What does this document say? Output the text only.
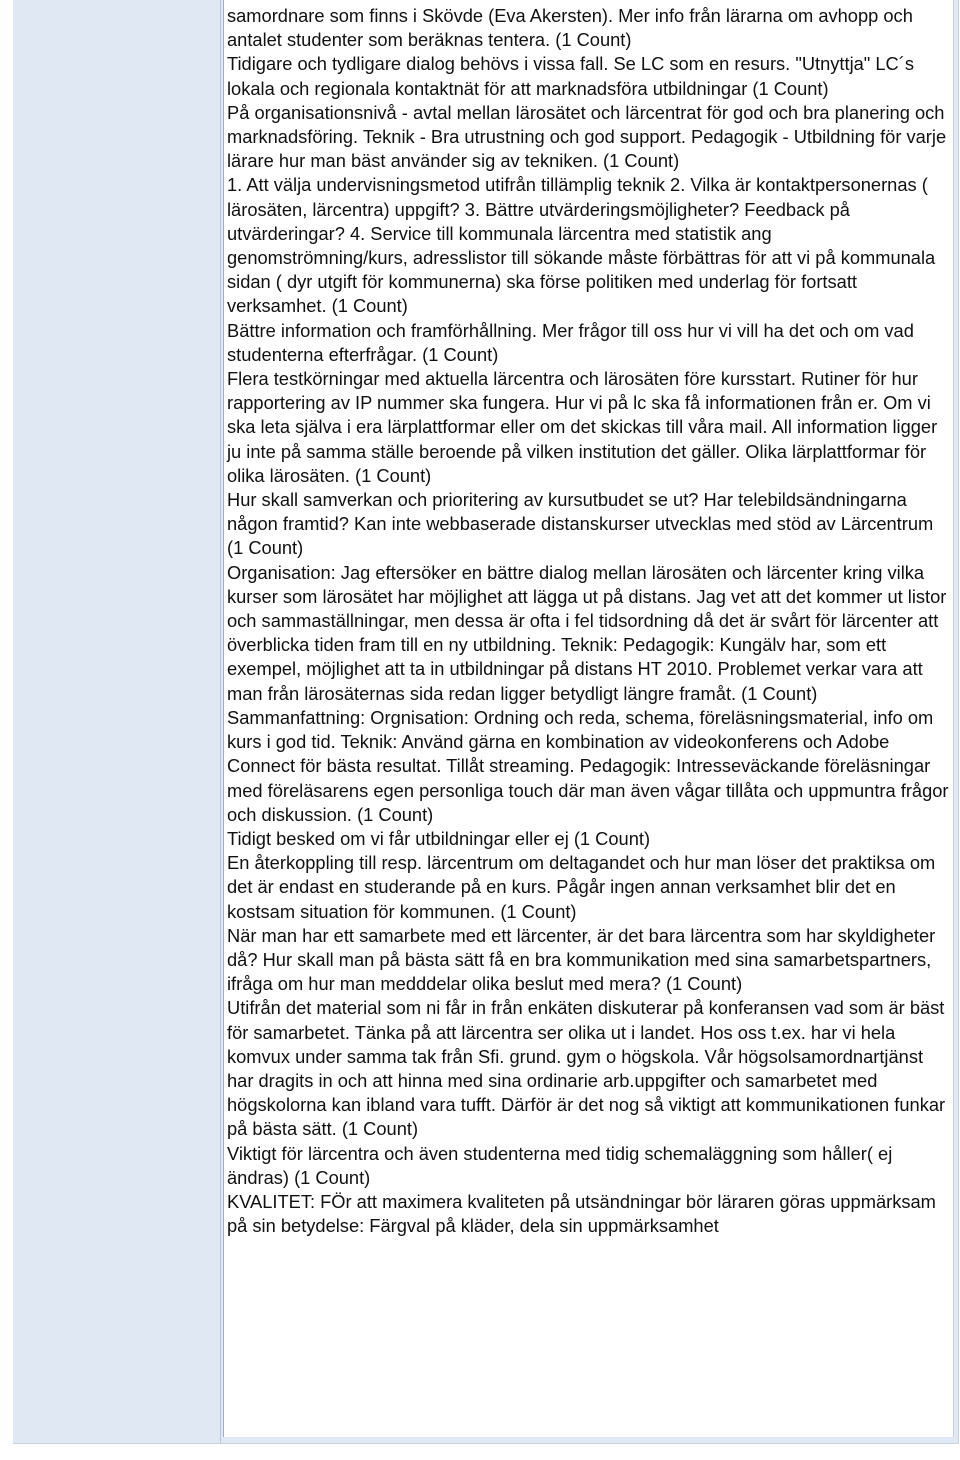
samordnare som finns i Skövde (Eva Akersten). Mer info från lärarna om avhopp och antalet studenter som beräknas tentera. (1 Count)

Tidigare och tydligare dialog behövs i vissa fall. Se LC som en resurs. "Utnyttja" LC´s lokala och regionala kontaktnät för att marknadsföra utbildningar (1 Count)

På organisationsnivå - avtal mellan lärosätet och lärcentrat för god och bra planering och marknadsföring. Teknik - Bra utrustning och god support. Pedagogik - Utbildning för varje lärare hur man bäst använder sig av tekniken. (1 Count)

1. Att välja undervisningsmetod utifrån tillämplig teknik 2. Vilka är kontaktpersonernas ( lärosäten, lärcentra) uppgift? 3. Bättre utvärderingsmöjligheter? Feedback på utvärderingar? 4. Service till kommunala lärcentra med statistik ang genomströmning/kurs, adresslistor till sökande måste förbättras för att vi på kommunala sidan ( dyr utgift för kommunerna) ska förse politiken med underlag för fortsatt verksamhet. (1 Count)

Bättre information och framförhållning. Mer frågor till oss hur vi vill ha det och om vad studenterna efterfrågar. (1 Count)

Flera testkörningar med aktuella lärcentra och lärosäten före kursstart. Rutiner för hur rapportering av IP nummer ska fungera. Hur vi på lc ska få informationen från er. Om vi ska leta själva i era lärplattformar eller om det skickas till våra mail. All information ligger ju inte på samma ställe beroende på vilken institution det gäller. Olika lärplattformar för olika lärosäten. (1 Count)

Hur skall samverkan och prioritering av kursutbudet se ut? Har telebildsändningarna någon framtid? Kan inte webbaserade distanskurser utvecklas med stöd av Lärcentrum (1 Count)

Organisation: Jag eftersöker en bättre dialog mellan lärosäten och lärcenter kring vilka kurser som lärosätet har möjlighet att lägga ut på distans. Jag vet att det kommer ut listor och sammaställningar, men dessa är ofta i fel tidsordning då det är svårt för lärcenter att överblicka tiden fram till en ny utbildning. Teknik: Pedagogik: Kungälv har, som ett exempel, möjlighet att ta in utbildningar på distans HT 2010. Problemet verkar vara att man från lärosäternas sida redan ligger betydligt längre framåt. (1 Count)

Sammanfattning: Orgnisation: Ordning och reda, schema, föreläsningsmaterial, info om kurs i god tid. Teknik: Använd gärna en kombination av videokonferens och Adobe Connect för bästa resultat. Tillåt streaming. Pedagogik: Intresseväckande föreläsningar med föreläsarens egen personliga touch där man även vågar tillåta och uppmuntra frågor och diskussion. (1 Count)

Tidigt besked om vi får utbildningar eller ej (1 Count)

En återkoppling till resp. lärcentrum om deltagandet och hur man löser det praktiksa om det är endast en studerande på en kurs. Pågår ingen annan verksamhet blir det en kostsam situation för kommunen. (1 Count)

När man har ett samarbete med ett lärcenter, är det bara lärcentra som har skyldigheter då? Hur skall man på bästa sätt få en bra kommunikation med sina samarbetspartners, ifråga om hur man medddelar olika beslut med mera? (1 Count)

Utifrån det material som ni får in från enkäten diskuterar på konferansen vad som är bäst för samarbetet. Tänka på att lärcentra ser olika ut i landet. Hos oss t.ex. har vi hela komvux under samma tak från Sfi. grund. gym o högskola. Vår högsolsamordnartjänst har dragits in och att hinna med sina ordinarie arb.uppgifter och samarbetet med högskolorna kan ibland vara tufft. Därför är det nog så viktigt att kommunikationen funkar på bästa sätt. (1 Count)

Viktigt för lärcentra och även studenterna med tidig schemaläggning som håller( ej ändras) (1 Count)

KVALITET: FÖr att maximera kvaliteten på utsändningar bör läraren göras uppmärksam på sin betydelse: Färgval på kläder, dela sin uppmärksamhet
